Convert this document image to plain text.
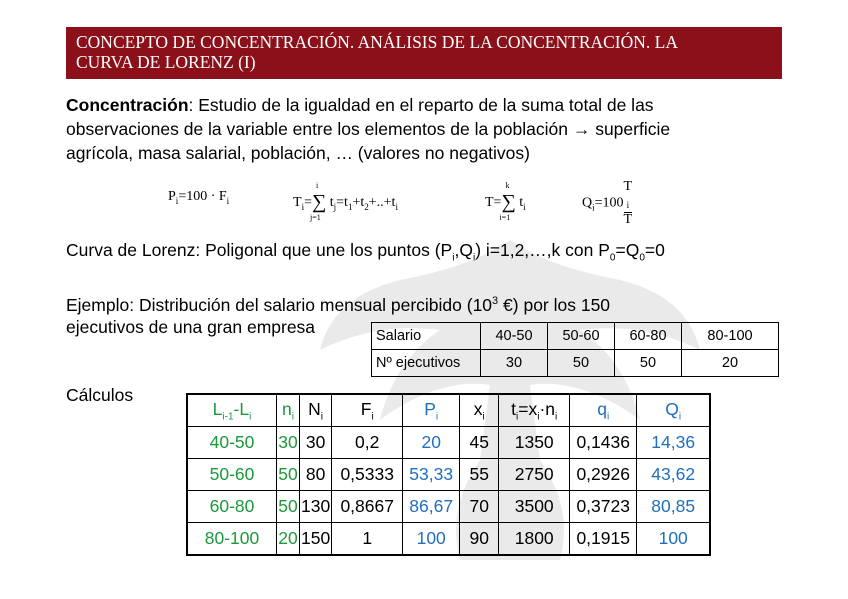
CONCEPTO DE CONCENTRACIÓN. ANÁLISIS DE LA CONCENTRACIÓN. LA
CURVA DE LORENZ (I)
Concentración: Estudio de la igualdad en el reparto de la suma total de las
observaciones de la variable entre los elementos de la población → superficie
agrícola, masa salarial, población, … (valores no negativos)
$P_i=100 \cdot F_i$	$T_i=$
i
∑
j=1
$t_j=t_1+t_2+..+t_i$	T=
k
∑
i=1
$t_i$	$Q_i=100$ T
$_i$
T
Curva de Lorenz: Poligonal que une los puntos $(P_i,Q_i)$ i=1,2,…,k con $P_0=Q_0=0$
Ejemplo: Distribución del salario mensual percibido ($10^3$ €) por los 150
ejecutivos de una gran empresa	Salario	40-50	50-60	60-80	80-100
Nº ejecutivos	30	50	50	20
Cálculos
$L_{i-1}-L_i$	$n_i$	$N_i$	$F_i$	$P_i$	$x_i$	$t_i=x_i\cdot n_i$	$q_i$	$Q_i$
40-50	30	30	0,2	20	45	1350	0,1436	14,36
50-60	50	80	0,5333	53,33	55	2750	0,2926	43,62
60-80	50	130	0,8667	86,67	70	3500	0,3723	80,85
80-100	20	150	1	100	90	1800	0,1915	100
